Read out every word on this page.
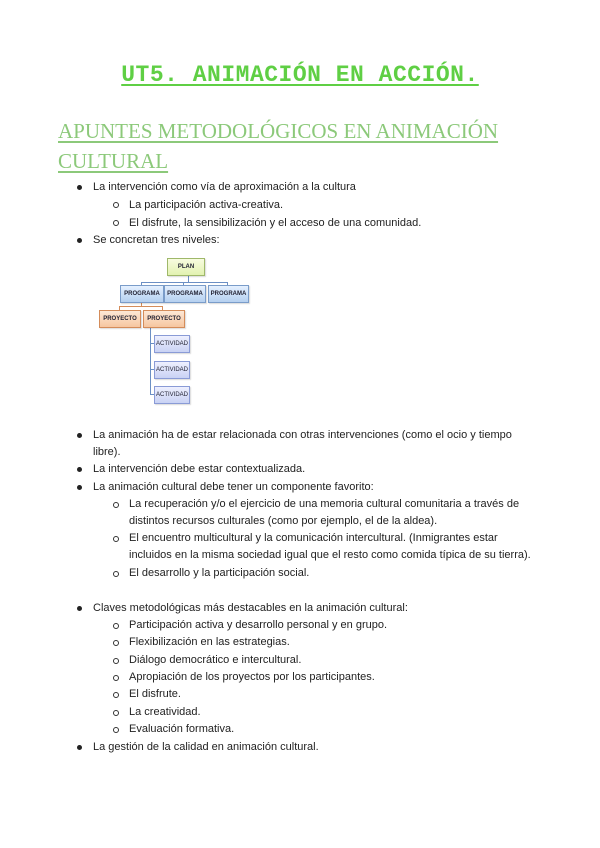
UT5. ANIMACIÓN EN ACCIÓN.
APUNTES METODOLÓGICOS EN ANIMACIÓN CULTURAL
La intervención como vía de aproximación a la cultura
La participación activa-creativa.
El disfrute, la sensibilización y el acceso de una comunidad.
Se concretan tres niveles:
PLAN
PROGRAMA	PROGRAMA	PROGRAMA
PROYECTO	PROYECTO
ACTIVIDAD
ACTIVIDAD
ACTIVIDAD
La animación ha de estar relacionada con otras intervenciones (como el ocio y tiempo libre).
La intervención debe estar contextualizada.
La animación cultural debe tener un componente favorito:
La recuperación y/o el ejercicio de una memoria cultural comunitaria a través de distintos recursos culturales (como por ejemplo, el de la aldea).
El encuentro multicultural y la comunicación intercultural. (Inmigrantes estar incluidos en la misma sociedad igual que el resto como comida típica de su tierra).
El desarrollo y la participación social.
Claves metodológicas más destacables en la animación cultural:
Participación activa y desarrollo personal y en grupo.
Flexibilización en las estrategias.
Diálogo democrático e intercultural.
Apropiación de los proyectos por los participantes.
El disfrute.
La creatividad.
Evaluación formativa.
La gestión de la calidad en animación cultural.
